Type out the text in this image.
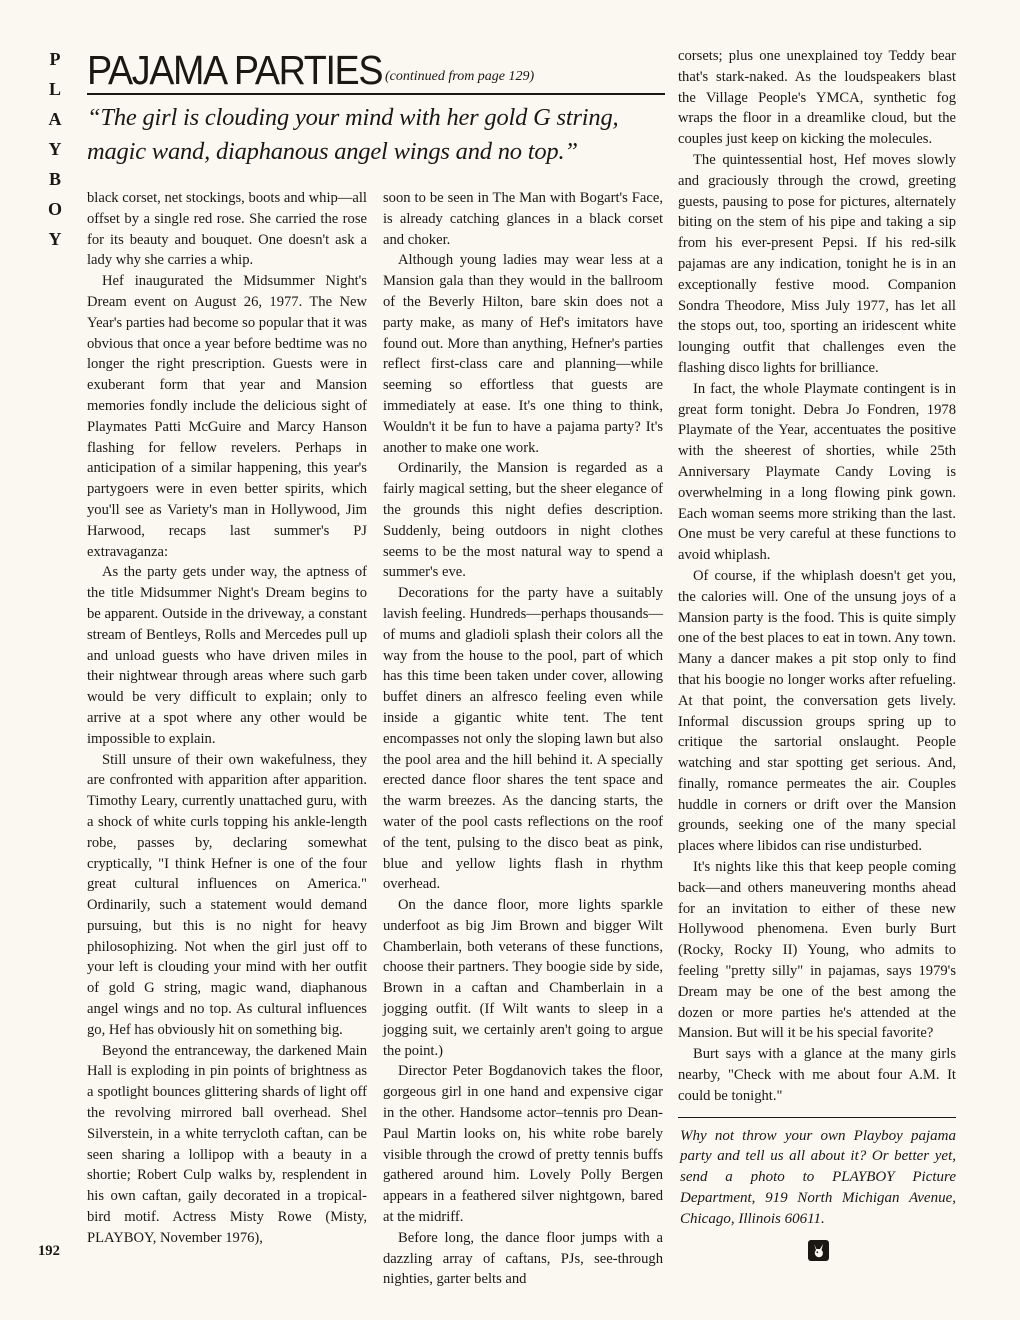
P
L
A
Y
B
O
Y
PAJAMA PARTIES (continued from page 129)
“The girl is clouding your mind with her gold G string,
magic wand, diaphanous angel wings and no top.”

black corset, net stockings, boots and whip—all offset by a single red rose. She carried the rose for its beauty and bouquet. One doesn't ask a lady why she carries a whip.

Hef inaugurated the Midsummer Night's Dream event on August 26, 1977. The New Year's parties had become so popular that it was obvious that once a year before bedtime was no longer the right prescription. Guests were in exuberant form that year and Mansion memories fondly include the delicious sight of Playmates Patti McGuire and Marcy Hanson flashing for fellow revelers. Perhaps in anticipation of a similar happening, this year's partygoers were in even better spirits, which you'll see as Variety's man in Hollywood, Jim Harwood, recaps last summer's PJ extravaganza:

As the party gets under way, the aptness of the title Midsummer Night's Dream begins to be apparent. Outside in the driveway, a constant stream of Bentleys, Rolls and Mercedes pull up and unload guests who have driven miles in their nightwear through areas where such garb would be very difficult to explain; only to arrive at a spot where any other would be impossible to explain.

Still unsure of their own wakefulness, they are confronted with apparition after apparition. Timothy Leary, currently unattached guru, with a shock of white curls topping his ankle-length robe, passes by, declaring somewhat cryptically, "I think Hefner is one of the four great cultural influences on America." Ordinarily, such a statement would demand pursuing, but this is no night for heavy philosophizing. Not when the girl just off to your left is clouding your mind with her outfit of gold G string, magic wand, diaphanous angel wings and no top. As cultural influences go, Hef has obviously hit on something big.

Beyond the entranceway, the darkened Main Hall is exploding in pin points of brightness as a spotlight bounces glittering shards of light off the revolving mirrored ball overhead. Shel Silverstein, in a white terrycloth caftan, can be seen sharing a lollipop with a beauty in a shortie; Robert Culp walks by, resplendent in his own caftan, gaily decorated in a tropical-bird motif. Actress Misty Rowe (Misty, PLAYBOY, November 1976),

soon to be seen in The Man with Bogart's Face, is already catching glances in a black corset and choker.

Although young ladies may wear less at a Mansion gala than they would in the ballroom of the Beverly Hilton, bare skin does not a party make, as many of Hef's imitators have found out. More than anything, Hefner's parties reflect first-class care and planning—while seeming so effortless that guests are immediately at ease. It's one thing to think, Wouldn't it be fun to have a pajama party? It's another to make one work.

Ordinarily, the Mansion is regarded as a fairly magical setting, but the sheer elegance of the grounds this night defies description. Suddenly, being outdoors in night clothes seems to be the most natural way to spend a summer's eve.

Decorations for the party have a suitably lavish feeling. Hundreds—perhaps thousands—of mums and gladioli splash their colors all the way from the house to the pool, part of which has this time been taken under cover, allowing buffet diners an alfresco feeling even while inside a gigantic white tent. The tent encompasses not only the sloping lawn but also the pool area and the hill behind it. A specially erected dance floor shares the tent space and the warm breezes. As the dancing starts, the water of the pool casts reflections on the roof of the tent, pulsing to the disco beat as pink, blue and yellow lights flash in rhythm overhead.

On the dance floor, more lights sparkle underfoot as big Jim Brown and bigger Wilt Chamberlain, both veterans of these functions, choose their partners. They boogie side by side, Brown in a caftan and Chamberlain in a jogging outfit. (If Wilt wants to sleep in a jogging suit, we certainly aren't going to argue the point.)

Director Peter Bogdanovich takes the floor, gorgeous girl in one hand and expensive cigar in the other. Handsome actor–tennis pro Dean-Paul Martin looks on, his white robe barely visible through the crowd of pretty tennis buffs gathered around him. Lovely Polly Bergen appears in a feathered silver nightgown, bared at the midriff.

Before long, the dance floor jumps with a dazzling array of caftans, PJs, see-through nighties, garter belts and

corsets; plus one unexplained toy Teddy bear that's stark-naked. As the loudspeakers blast the Village People's YMCA, synthetic fog wraps the floor in a dreamlike cloud, but the couples just keep on kicking the molecules.

The quintessential host, Hef moves slowly and graciously through the crowd, greeting guests, pausing to pose for pictures, alternately biting on the stem of his pipe and taking a sip from his ever-present Pepsi. If his red-silk pajamas are any indication, tonight he is in an exceptionally festive mood. Companion Sondra Theodore, Miss July 1977, has let all the stops out, too, sporting an iridescent white lounging outfit that challenges even the flashing disco lights for brilliance.

In fact, the whole Playmate contingent is in great form tonight. Debra Jo Fondren, 1978 Playmate of the Year, accentuates the positive with the sheerest of shorties, while 25th Anniversary Playmate Candy Loving is overwhelming in a long flowing pink gown. Each woman seems more striking than the last. One must be very careful at these functions to avoid whiplash.

Of course, if the whiplash doesn't get you, the calories will. One of the unsung joys of a Mansion party is the food. This is quite simply one of the best places to eat in town. Any town. Many a dancer makes a pit stop only to find that his boogie no longer works after refueling. At that point, the conversation gets lively. Informal discussion groups spring up to critique the sartorial onslaught. People watching and star spotting get serious. And, finally, romance permeates the air. Couples huddle in corners or drift over the Mansion grounds, seeking one of the many special places where libidos can rise undisturbed.

It's nights like this that keep people coming back—and others maneuvering months ahead for an invitation to either of these new Hollywood phenomena. Even burly Burt (Rocky, Rocky II) Young, who admits to feeling "pretty silly" in pajamas, says 1979's Dream may be one of the best among the dozen or more parties he's attended at the Mansion. But will it be his special favorite?

Burt says with a glance at the many girls nearby, "Check with me about four A.M. It could be tonight."

Why not throw your own Playboy pajama party and tell us all about it? Or better yet, send a photo to PLAYBOY Picture Department, 919 North Michigan Avenue, Chicago, Illinois 60611.

192
